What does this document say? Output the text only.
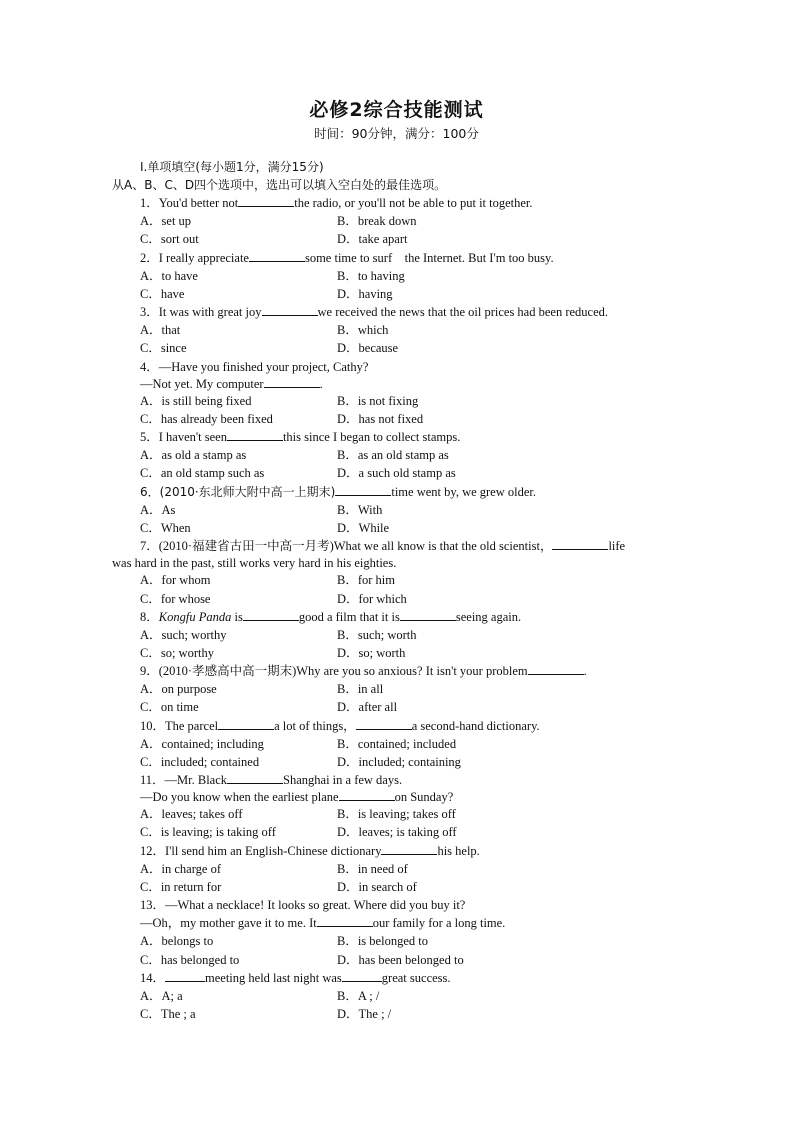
必修2综合技能测试
时间：90分钟，满分：100分
Ⅰ.单项填空(每小题1分，满分15分)
从A、B、C、D四个选项中，选出可以填入空白处的最佳选项。
1．You'd better not	the radio, or you'll not be able to put it together.
A．set up	B．break down
C．sort out	D．take apart
2．I really appreciate	some time to surf　the Internet. But I'm too busy.
A．to have	B．to having
C．have	D．having
3．It was with great joy	we received the news that the oil prices had been reduced.
A．that	B．which
C．since	D．because
4．—Have you finished your project, Cathy?
—Not yet. My computer	.
A．is still being fixed	B．is not fixing
C．has already been fixed	D．has not fixed
5．I haven't seen	this since I began to collect stamps.
A．as old a stamp as	B．as an old stamp as
C．an old stamp such as	D．a such old stamp as
6．(2010·东北师大附中高一上期末)	time went by, we grew older.
A．As	B．With
C．When	D．While
7．(2010·福建省古田一中高一月考)What we all know is that the old scientist，	life
was hard in the past, still works very hard in his eighties.
A．for whom	B．for him
C．for whose	D．for which
8．Kongfu Panda is	good a film that it is	seeing again.
A．such; worthy	B．such; worth
C．so; worthy	D．so; worth
9．(2010·孝感高中高一期末)Why are you so anxious? It isn't your problem	.
A．on purpose	B．in all
C．on time	D．after all
10．The parcel	a lot of things，	a second-hand dictionary.
A．contained; including	B．contained; included
C．included; contained	D．included; containing
11．—Mr. Black	Shanghai in a few days.
—Do you know when the earliest plane	on Sunday?
A．leaves; takes off	B．is leaving; takes off
C．is leaving; is taking off	D．leaves; is taking off
12．I'll send him an English-Chinese dictionary	his help.
A．in charge of	B．in need of
C．in return for	D．in search of
13．—What a necklace! It looks so great. Where did you buy it?
—Oh，my mother gave it to me. It	our family for a long time.
A．belongs to	B．is belonged to
C．has belonged to	D．has been belonged to
14．	meeting held last night was	great success.
A．A; a	B．A ; /
C．The ; a	D．The ; /
